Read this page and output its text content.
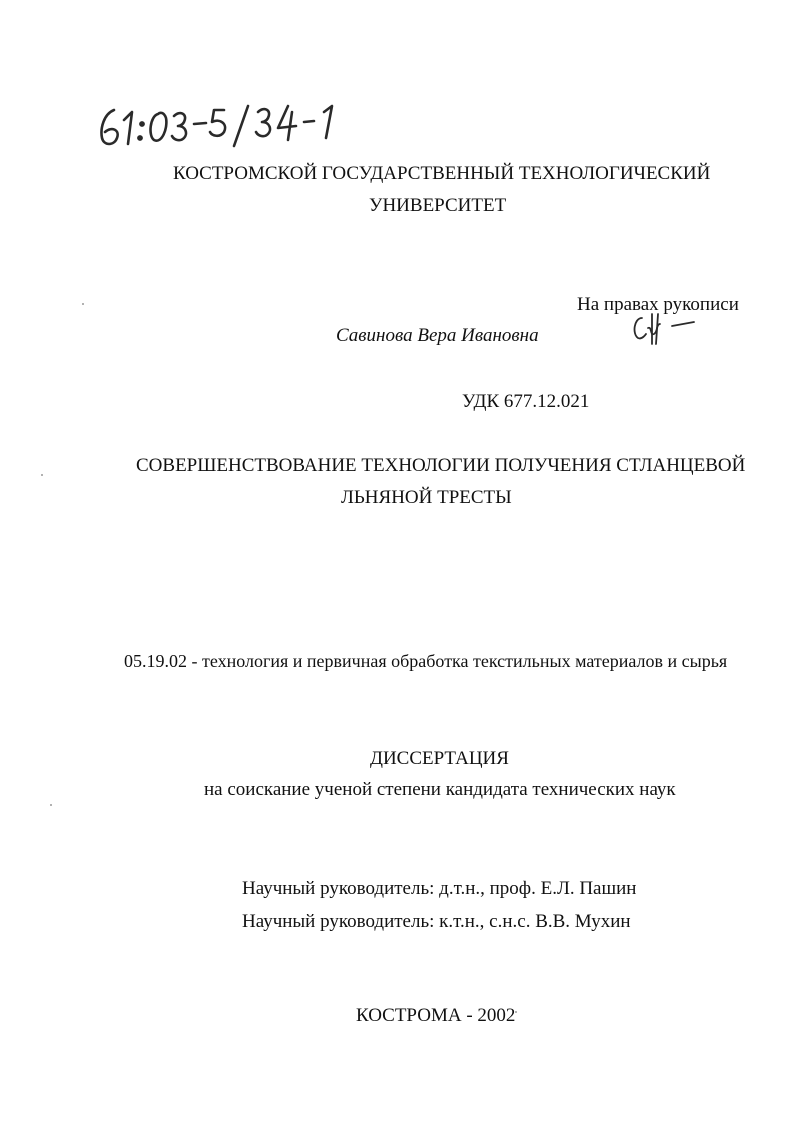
КОСТРОМСКОЙ ГОСУДАРСТВЕННЫЙ ТЕХНОЛОГИЧЕСКИЙ
УНИВЕРСИТЕТ
На правах рукописи
Савинова Вера Ивановна
УДК 677.12.021
СОВЕРШЕНСТВОВАНИЕ ТЕХНОЛОГИИ ПОЛУЧЕНИЯ СТЛАНЦЕВОЙ
ЛЬНЯНОЙ ТРЕСТЫ
05.19.02 - технология и первичная обработка текстильных материалов и сырья
ДИССЕРТАЦИЯ
на соискание ученой степени кандидата технических наук
Научный руководитель: д.т.н., проф. Е.Л. Пашин
Научный руководитель: к.т.н., с.н.с. В.В. Мухин
КОСТРОМА - 2002
